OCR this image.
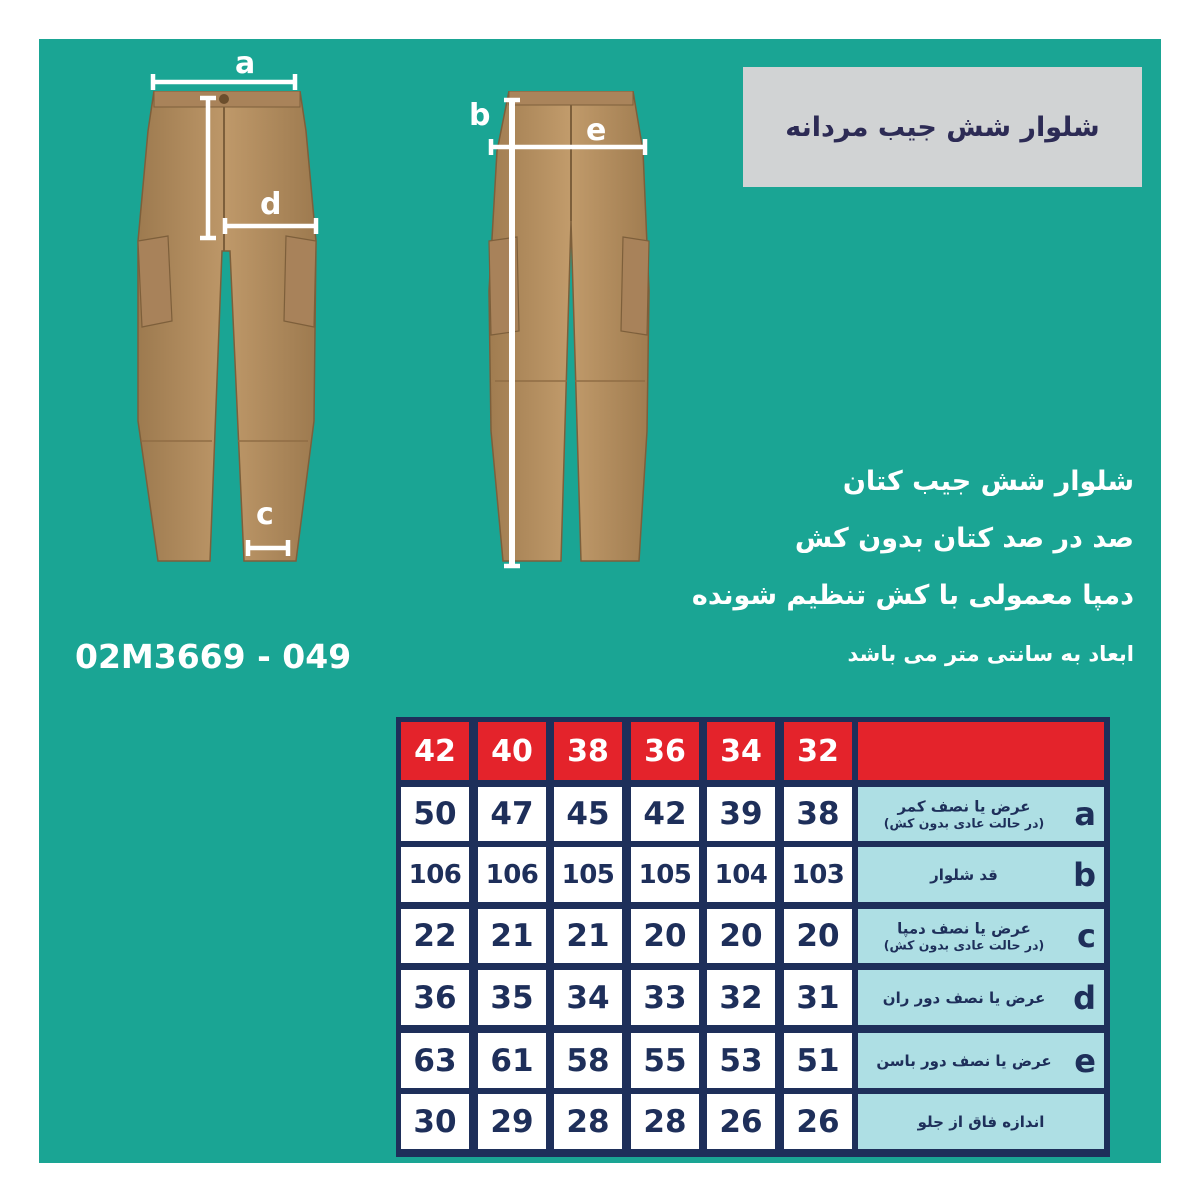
a
d
c
b	e	شلوار شش جیب مردانه
شلوار شش جیب کتان
صد در صد کتان بدون کش
دمپا معمولی با کش تنظیم شونده
ابعاد به سانتی متر می باشد
02M3669 - 049
42	40	38	36	34	32
50	47	45	42	39	38	a
عرض یا نصف کمر
(در حالت عادی بدون کش)
106 106 105 105 104 103	b
قد شلوار
22	21	21	20	20	20	c
عرض یا نصف دمپا
(در حالت عادی بدون کش)
36	35	34	33	32	31	d
عرض یا نصف دور ران
63	61	58	55	53	51	e
عرض یا نصف دور باسن
30	29	28	28	26	26	اندازه فاق از جلو
